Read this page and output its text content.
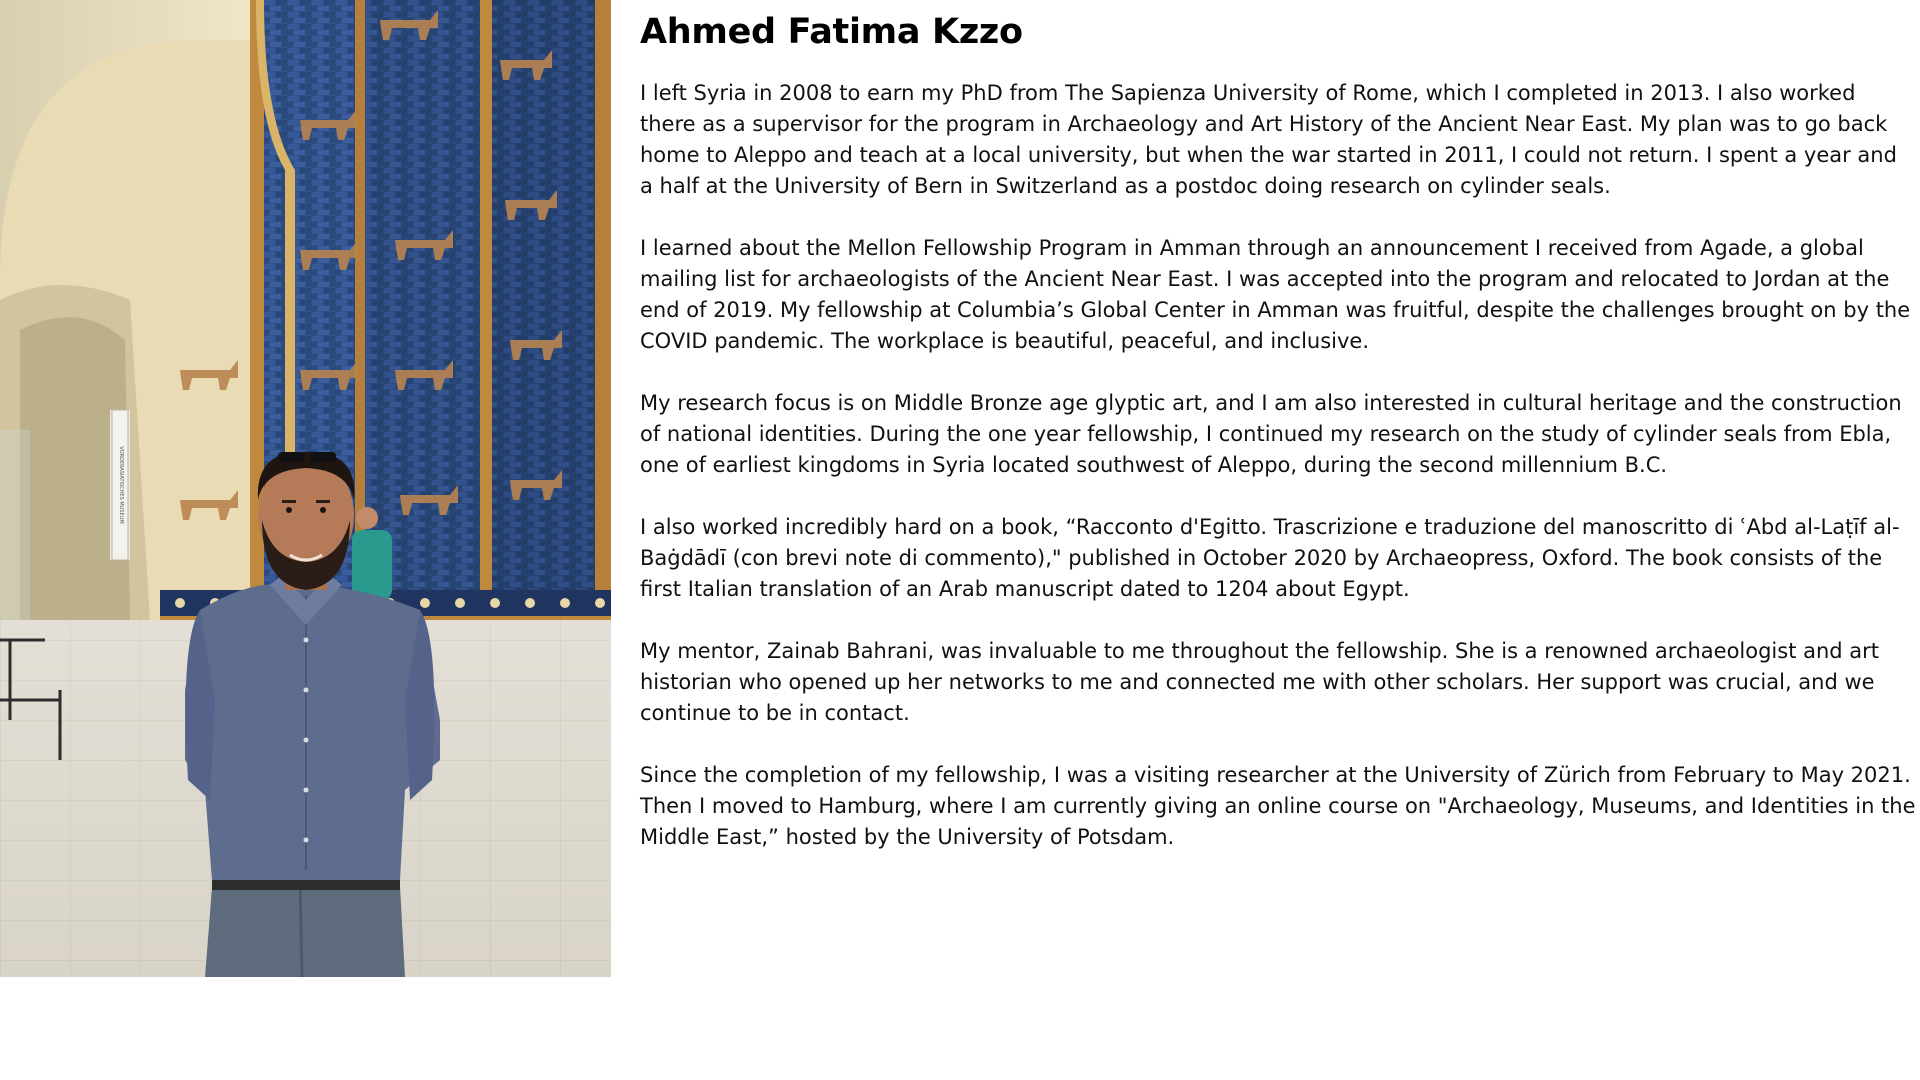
VORDERASIATISCHES MUSEUM
Ahmed Fatima Kzzo

I left Syria in 2008 to earn my PhD from The Sapienza University of Rome, which I completed in 2013. I also worked there as a supervisor for the program in Archaeology and Art History of the Ancient Near East. My plan was to go back home to Aleppo and teach at a local university, but when the war started in 2011, I could not return. I spent a year and a half at the University of Bern in Switzerland as a postdoc doing research on cylinder seals.

I learned about the Mellon Fellowship Program in Amman through an announcement I received from Agade, a global mailing list for archaeologists of the Ancient Near East. I was accepted into the program and relocated to Jordan at the end of 2019. My fellowship at Columbia’s Global Center in Amman was fruitful, despite the challenges brought on by the COVID pandemic. The workplace is beautiful, peaceful, and inclusive.

My research focus is on Middle Bronze age glyptic art, and I am also interested in cultural heritage and the construction of national identities. During the one year fellowship, I continued my research on the study of cylinder seals from Ebla, one of earliest kingdoms in Syria located southwest of Aleppo, during the second millennium B.C.

I also worked incredibly hard on a book, “Racconto d'Egitto. Trascrizione e traduzione del manoscritto di ʿAbd al-Laṭīf al-Baġdādī (con brevi note di commento)," published in October 2020 by Archaeopress, Oxford. The book consists of the first Italian translation of an Arab manuscript dated to 1204 about Egypt.

My mentor, Zainab Bahrani, was invaluable to me throughout the fellowship. She is a renowned archaeologist and art historian who opened up her networks to me and connected me with other scholars. Her support was crucial, and we continue to be in contact.

Since the completion of my fellowship, I was a visiting researcher at the University of Zürich from February to May 2021. Then I moved to Hamburg, where I am currently giving an online course on "Archaeology, Museums, and Identities in the Middle East,” hosted by the University of Potsdam.
